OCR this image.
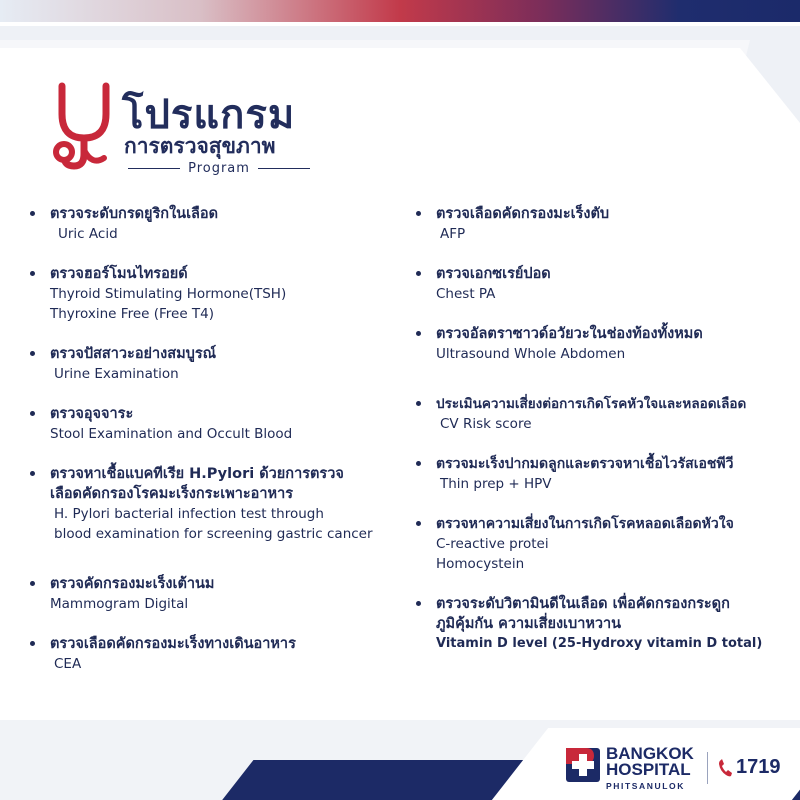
โปรแกรม
การตรวจสุขภาพ
Program
ตรวจระดับกรดยูริกในเลือด
Uric Acid
ตรวจฮอร์โมนไทรอยด์
Thyroid Stimulating Hormone(TSH)
Thyroxine Free (Free T4)
ตรวจปัสสาวะอย่างสมบูรณ์
Urine Examination
ตรวจอุจจาระ
Stool Examination and Occult Blood
ตรวจหาเชื้อแบคทีเรีย H.Pylori ด้วยการตรวจ
เลือดคัดกรองโรคมะเร็งกระเพาะอาหาร
H. Pylori bacterial infection test through
blood examination for screening gastric cancer
ตรวจคัดกรองมะเร็งเต้านม
Mammogram Digital
ตรวจเลือดคัดกรองมะเร็งทางเดินอาหาร
CEA
ตรวจเลือดคัดกรองมะเร็งตับ
AFP
ตรวจเอกซเรย์ปอด
Chest PA
ตรวจอัลตราซาวด์อวัยวะในช่องท้องทั้งหมด
Ultrasound Whole Abdomen
ประเมินความเสี่ยงต่อการเกิดโรคหัวใจและหลอดเลือด
CV Risk score
ตรวจมะเร็งปากมดลูกและตรวจหาเชื้อไวรัสเอชพีวี
Thin prep + HPV
ตรวจหาความเสี่ยงในการเกิดโรคหลอดเลือดหัวใจ
C-reactive protei
Homocystein
ตรวจระดับวิตามินดีในเลือด เพื่อคัดกรองกระดูก
ภูมิคุ้มกัน ความเสี่ยงเบาหวาน
Vitamin D level (25-Hydroxy vitamin D total)
BANGKOK
HOSPITAL
PHITSANULOK
1719
